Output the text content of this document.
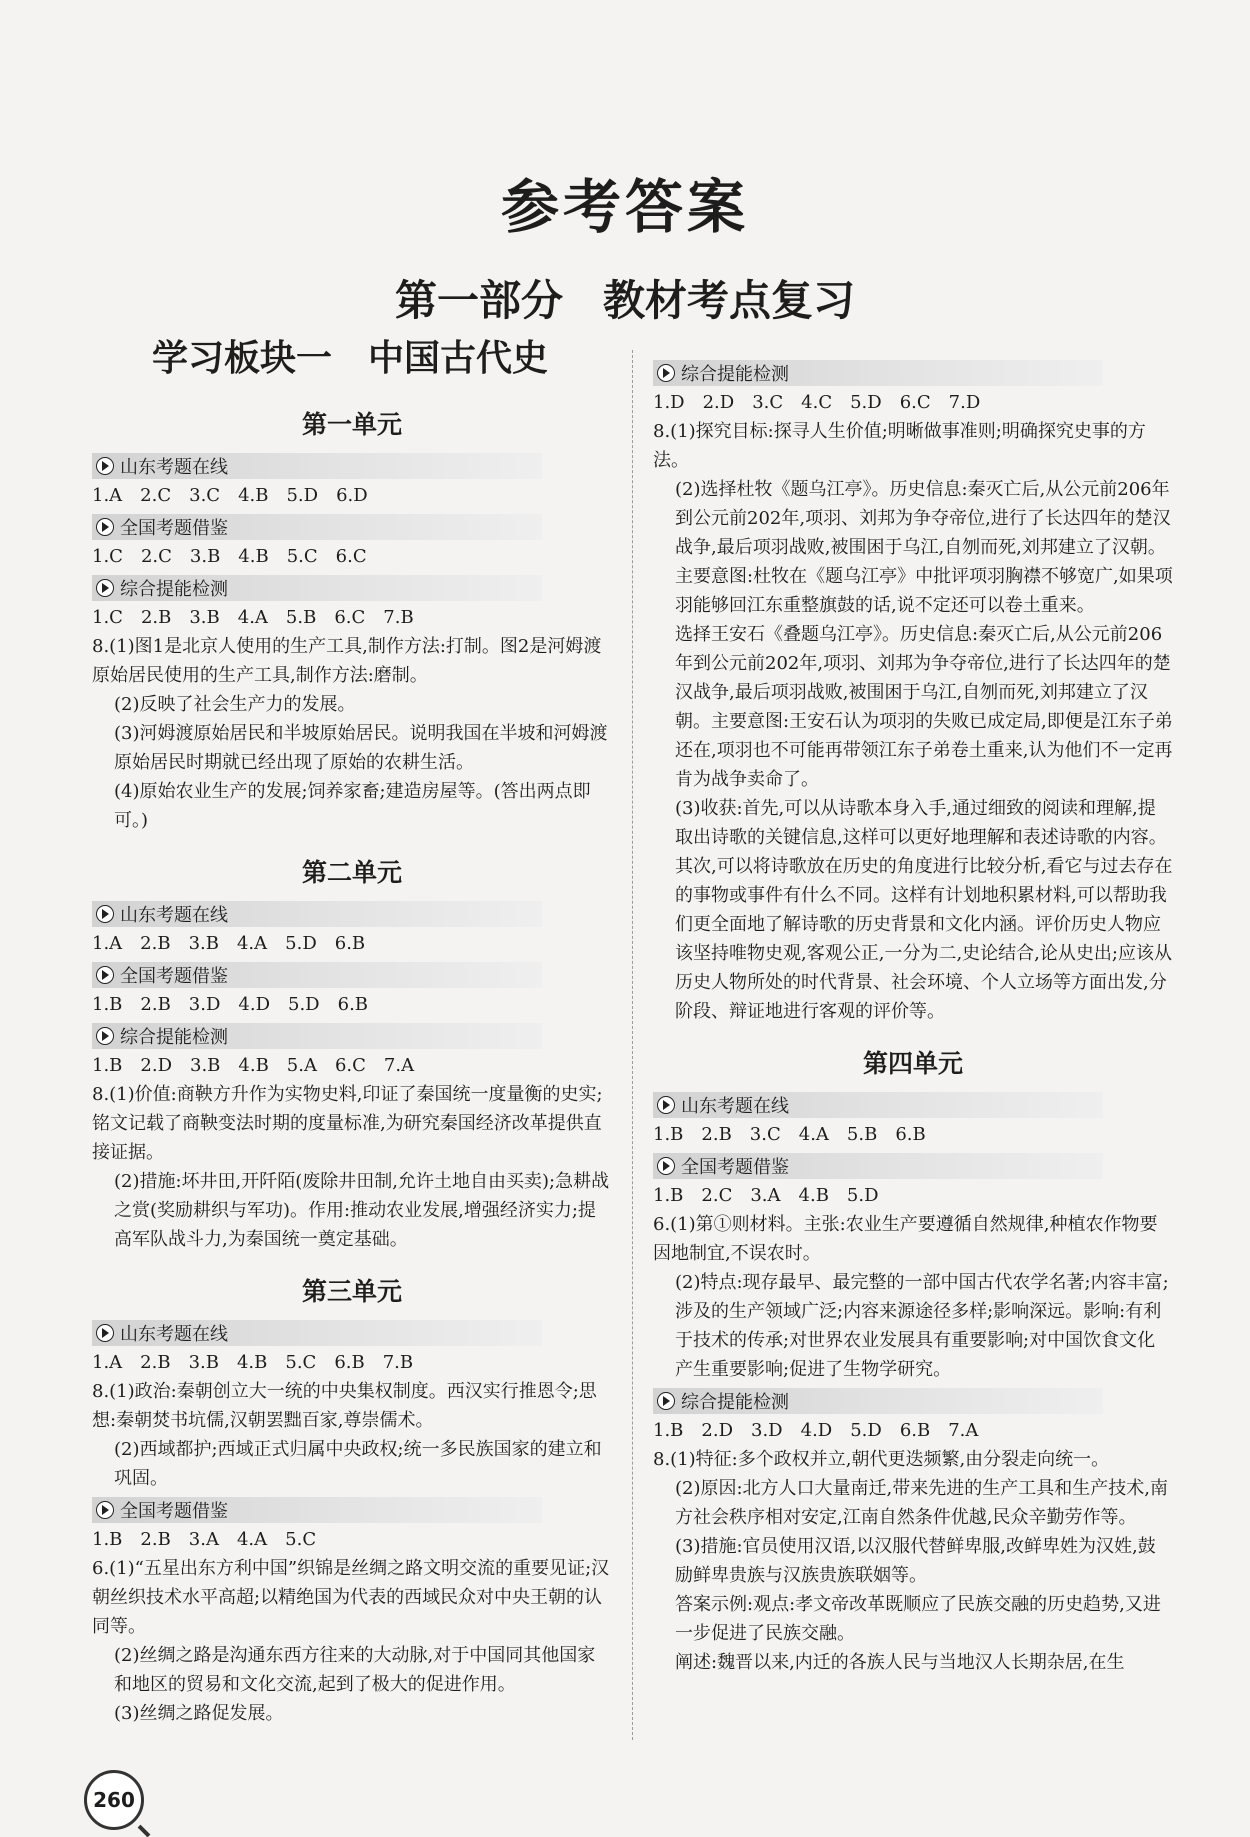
参考答案
第一部分 教材考点复习
学习板块一　中国古代史
第一单元
山东考题在线
1.A　2.C　3.C　4.B　5.D　6.D
全国考题借鉴
1.C　2.C　3.B　4.B　5.C　6.C
综合提能检测
1.C　2.B　3.B　4.A　5.B　6.C　7.B

8.(1)图1是北京人使用的生产工具,制作方法:打制。图2是河姆渡原始居民使用的生产工具,制作方法:磨制。

(2)反映了社会生产力的发展。

(3)河姆渡原始居民和半坡原始居民。说明我国在半坡和河姆渡原始居民时期就已经出现了原始的农耕生活。

(4)原始农业生产的发展;饲养家畜;建造房屋等。(答出两点即可。)

第二单元
山东考题在线
1.A　2.B　3.B　4.A　5.D　6.B
全国考题借鉴
1.B　2.B　3.D　4.D　5.D　6.B
综合提能检测
1.B　2.D　3.B　4.B　5.A　6.C　7.A

8.(1)价值:商鞅方升作为实物史料,印证了秦国统一度量衡的史实;铭文记载了商鞅变法时期的度量标准,为研究秦国经济改革提供直接证据。

(2)措施:坏井田,开阡陌(废除井田制,允许土地自由买卖);急耕战之赏(奖励耕织与军功)。作用:推动农业发展,增强经济实力;提高军队战斗力,为秦国统一奠定基础。

第三单元
山东考题在线
1.A　2.B　3.B　4.B　5.C　6.B　7.B

8.(1)政治:秦朝创立大一统的中央集权制度。西汉实行推恩令;思想:秦朝焚书坑儒,汉朝罢黜百家,尊崇儒术。

(2)西域都护;西域正式归属中央政权;统一多民族国家的建立和巩固。

全国考题借鉴
1.B　2.B　3.A　4.A　5.C

6.(1)“五星出东方利中国”织锦是丝绸之路文明交流的重要见证;汉朝丝织技术水平高超;以精绝国为代表的西域民众对中央王朝的认同等。

(2)丝绸之路是沟通东西方往来的大动脉,对于中国同其他国家和地区的贸易和文化交流,起到了极大的促进作用。

(3)丝绸之路促发展。

综合提能检测
1.D　2.D　3.C　4.C　5.D　6.C　7.D

8.(1)探究目标:探寻人生价值;明晰做事准则;明确探究史事的方法。

(2)选择杜牧《题乌江亭》。历史信息:秦灭亡后,从公元前206年到公元前202年,项羽、刘邦为争夺帝位,进行了长达四年的楚汉战争,最后项羽战败,被围困于乌江,自刎而死,刘邦建立了汉朝。主要意图:杜牧在《题乌江亭》中批评项羽胸襟不够宽广,如果项羽能够回江东重整旗鼓的话,说不定还可以卷土重来。

选择王安石《叠题乌江亭》。历史信息:秦灭亡后,从公元前206年到公元前202年,项羽、刘邦为争夺帝位,进行了长达四年的楚汉战争,最后项羽战败,被围困于乌江,自刎而死,刘邦建立了汉朝。主要意图:王安石认为项羽的失败已成定局,即便是江东子弟还在,项羽也不可能再带领江东子弟卷土重来,认为他们不一定再肯为战争卖命了。

(3)收获:首先,可以从诗歌本身入手,通过细致的阅读和理解,提取出诗歌的关键信息,这样可以更好地理解和表述诗歌的内容。其次,可以将诗歌放在历史的角度进行比较分析,看它与过去存在的事物或事件有什么不同。这样有计划地积累材料,可以帮助我们更全面地了解诗歌的历史背景和文化内涵。评价历史人物应该坚持唯物史观,客观公正,一分为二,史论结合,论从史出;应该从历史人物所处的时代背景、社会环境、个人立场等方面出发,分阶段、辩证地进行客观的评价等。

第四单元
山东考题在线
1.B　2.B　3.C　4.A　5.B　6.B
全国考题借鉴
1.B　2.C　3.A　4.B　5.D

6.(1)第①则材料。主张:农业生产要遵循自然规律,种植农作物要因地制宜,不误农时。

(2)特点:现存最早、最完整的一部中国古代农学名著;内容丰富;涉及的生产领域广泛;内容来源途径多样;影响深远。影响:有利于技术的传承;对世界农业发展具有重要影响;对中国饮食文化产生重要影响;促进了生物学研究。

综合提能检测
1.B　2.D　3.D　4.D　5.D　6.B　7.A

8.(1)特征:多个政权并立,朝代更迭频繁,由分裂走向统一。

(2)原因:北方人口大量南迁,带来先进的生产工具和生产技术,南方社会秩序相对安定,江南自然条件优越,民众辛勤劳作等。

(3)措施:官员使用汉语,以汉服代替鲜卑服,改鲜卑姓为汉姓,鼓励鲜卑贵族与汉族贵族联姻等。

答案示例:观点:孝文帝改革既顺应了民族交融的历史趋势,又进一步促进了民族交融。

阐述:魏晋以来,内迁的各族人民与当地汉人长期杂居,在生

260
